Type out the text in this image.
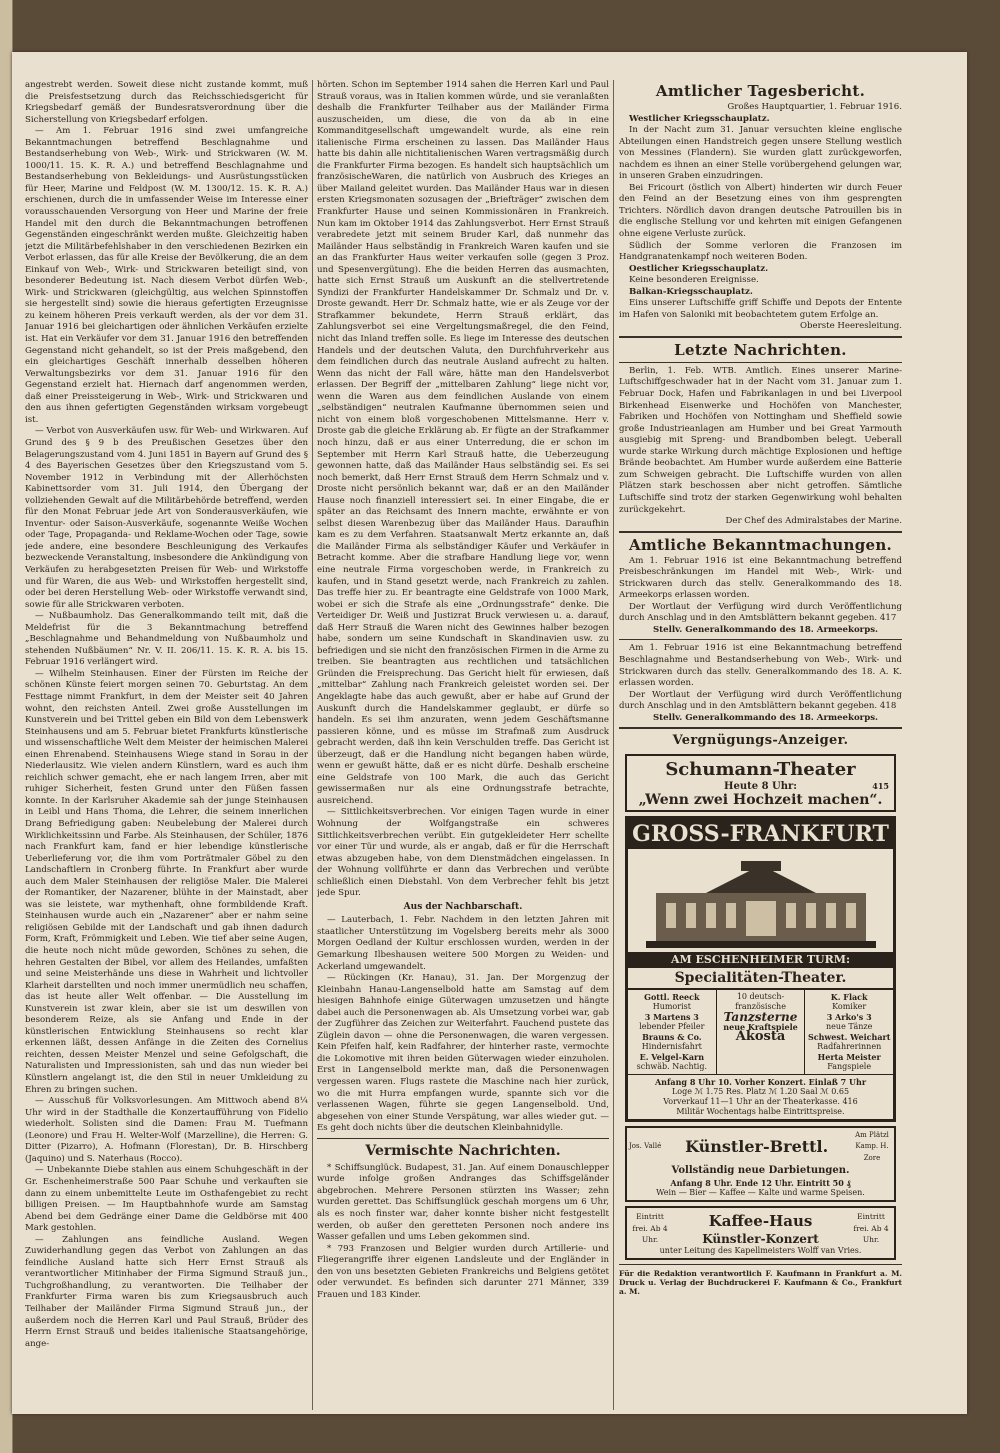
angestrebt werden. Soweit diese nicht zustande kommt, muß die Preisfestsetzung durch das Reichsschiedsgericht für Kriegsbedarf gemäß der Bundesratsverordnung über die Sicherstellung von Kriegsbedarf erfolgen.

— Am 1. Februar 1916 sind zwei umfangreiche Bekanntmachungen betreffend Beschlagnahme und Bestandserhebung von Web-, Wirk- und Strickwaren (W. M. 1000/11. 15. K. R. A.) und betreffend Beschlagnahme und Bestandserhebung von Bekleidungs- und Ausrüstungsstücken für Heer, Marine und Feldpost (W. M. 1300/12. 15. K. R. A.) erschienen, durch die in umfassender Weise im Interesse einer vorausschauenden Versorgung von Heer und Marine der freie Handel mit den durch die Bekanntmachungen betroffenen Gegenständen eingeschränkt werden mußte. Gleichzeitig haben jetzt die Militärbefehlshaber in den verschiedenen Bezirken ein Verbot erlassen, das für alle Kreise der Bevölkerung, die an dem Einkauf von Web-, Wirk- und Strickwaren beteiligt sind, von besonderer Bedeutung ist. Nach diesem Verbot dürfen Web-, Wirk- und Strickwaren (gleichgültig, aus welchen Spinnstoffen sie hergestellt sind) sowie die hieraus gefertigten Erzeugnisse zu keinem höheren Preis verkauft werden, als der vor dem 31. Januar 1916 bei gleichartigen oder ähnlichen Verkäufen erzielte ist. Hat ein Verkäufer vor dem 31. Januar 1916 den betreffenden Gegenstand nicht gehandelt, so ist der Preis maßgebend, den ein gleichartiges Geschäft innerhalb desselben höheren Verwaltungsbezirks vor dem 31. Januar 1916 für den Gegenstand erzielt hat. Hiernach darf angenommen werden, daß einer Preissteigerung in Web-, Wirk- und Strickwaren und den aus ihnen gefertigten Gegenständen wirksam vorgebeugt ist.

— Verbot von Ausverkäufen usw. für Web- und Wirkwaren. Auf Grund des § 9 b des Preußischen Gesetzes über den Belagerungszustand vom 4. Juni 1851 in Bayern auf Grund des § 4 des Bayerischen Gesetzes über den Kriegszustand vom 5. November 1912 in Verbindung mit der Allerhöchsten Kabinettsorder vom 31. Juli 1914, den Übergang der vollziehenden Gewalt auf die Militärbehörde betreffend, werden für den Monat Februar jede Art von Sonderausverkäufen, wie Inventur- oder Saison-Ausverkäufe, sogenannte Weiße Wochen oder Tage, Propaganda- und Reklame-Wochen oder Tage, sowie jede andere, eine besondere Beschleunigung des Verkaufes bezweckende Veranstaltung, insbesondere die Ankündigung von Verkäufen zu herabgesetzten Preisen für Web- und Wirkstoffe und für Waren, die aus Web- und Wirkstoffen hergestellt sind, oder bei deren Herstellung Web- oder Wirkstoffe verwandt sind, sowie für alle Strickwaren verboten.

— Nußbaumholz. Das Generalkommando teilt mit, daß die Meldefrist für die 3 Bekanntmachung betreffend „Beschlagnahme und Behandmeldung von Nußbaumholz und stehenden Nußbäumen“ Nr. V. II. 206/11. 15. K. R. A. bis 15. Februar 1916 verlängert wird.

— Wilhelm Steinhausen. Einer der Fürsten im Reiche der schönen Künste feiert morgen seinen 70. Geburtstag. An dem Festtage nimmt Frankfurt, in dem der Meister seit 40 Jahren wohnt, den reichsten Anteil. Zwei große Ausstellungen im Kunstverein und bei Trittel geben ein Bild von dem Lebenswerk Steinhausens und am 5. Februar bietet Frankfurts künstlerische und wissenschaftliche Welt dem Meister der heimischen Malerei einen Ehrenabend. Steinhausens Wiege stand in Sorau in der Niederlausitz. Wie vielen andern Künstlern, ward es auch ihm reichlich schwer gemacht, ehe er nach langem Irren, aber mit ruhiger Sicherheit, festen Grund unter den Füßen fassen konnte. In der Karlsruher Akademie sah der junge Steinhausen in Leibl und Hans Thoma, die Lehrer, die seinem innerlichen Drang Befriedigung gaben: Neubelebung der Malerei durch Wirklichkeitssinn und Farbe. Als Steinhausen, der Schüler, 1876 nach Frankfurt kam, fand er hier lebendige künstlerische Ueberlieferung vor, die ihm vom Porträtmaler Göbel zu den Landschaftlern in Cronberg führte. In Frankfurt aber wurde auch dem Maler Steinhausen der religiöse Maler. Die Malerei der Romantiker, der Nazarener, blühte in der Mainstadt, aber was sie leistete, war mythenhaft, ohne formbildende Kraft. Steinhausen wurde auch ein „Nazarener“ aber er nahm seine religiösen Gebilde mit der Landschaft und gab ihnen dadurch Form, Kraft, Frömmigkeit und Leben. Wie tief aber seine Augen, die heute noch nicht müde geworden, Schönes zu sehen, die hehren Gestalten der Bibel, vor allem des Heilandes, umfaßten und seine Meisterhände uns diese in Wahrheit und lichtvoller Klarheit darstellten und noch immer unermüdlich neu schaffen, das ist heute aller Welt offenbar. — Die Ausstellung im Kunstverein ist zwar klein, aber sie ist um deswillen von besonderem Reize, als sie Anfang und Ende in der künstlerischen Entwicklung Steinhausens so recht klar erkennen läßt, dessen Anfänge in die Zeiten des Cornelius reichten, dessen Meister Menzel und seine Gefolgschaft, die Naturalisten und Impressionisten, sah und das nun wieder bei Künstlern angelangt ist, die den Stil in neuer Umkleidung zu Ehren zu bringen suchen.

— Ausschuß für Volksvorlesungen. Am Mittwoch abend 8¼ Uhr wird in der Stadthalle die Konzertaufführung von Fidelio wiederholt. Solisten sind die Damen: Frau M. Tuefmann (Leonore) und Frau H. Welter-Wolf (Marzelline), die Herren: G. Ditter (Pizarro), A. Hofmann (Florestan), Dr. B. Hirschberg (Jaquino) und S. Naterhaus (Rocco).

— Unbekannte Diebe stahlen aus einem Schuhgeschäft in der Gr. Eschenheimerstraße 500 Paar Schuhe und verkauften sie dann zu einem unbemittelte Leute im Osthafengebiet zu recht billigen Preisen. — Im Hauptbahnhofe wurde am Samstag Abend bei dem Gedränge einer Dame die Geldbörse mit 400 Mark gestohlen.

— Zahlungen ans feindliche Ausland. Wegen Zuwiderhandlung gegen das Verbot von Zahlungen an das feindliche Ausland hatte sich Herr Ernst Strauß als verantwortlicher Mitinhaber der Firma Sigmund Strauß jun., Tuchgroßhandlung, zu verantworten. Die Teilhaber der Frankfurter Firma waren bis zum Kriegsausbruch auch Teilhaber der Mailänder Firma Sigmund Strauß jun., der außerdem noch die Herren Karl und Paul Strauß, Brüder des Herrn Ernst Strauß und beides italienische Staatsangehörige, ange-

hörten. Schon im September 1914 sahen die Herren Karl und Paul Strauß voraus, was in Italien kommen würde, und sie veranlaßten deshalb die Frankfurter Teilhaber aus der Mailänder Firma auszuscheiden, um diese, die von da ab in eine Kommanditgesellschaft umgewandelt wurde, als eine rein italienische Firma erscheinen zu lassen. Das Mailänder Haus hatte bis dahin alle nichtitalienischen Waren vertragsmäßig durch die Frankfurter Firma bezogen. Es handelt sich hauptsächlich um französischeWaren, die natürlich von Ausbruch des Krieges an über Mailand geleitet wurden. Das Mailänder Haus war in diesen ersten Kriegsmonaten sozusagen der „Briefträger“ zwischen dem Frankfurter Hause und seinen Kommissionären in Frankreich. Nun kam im Oktober 1914 das Zahlungsverbot. Herr Ernst Strauß verabredete jetzt mit seinem Bruder Karl, daß nunmehr das Mailänder Haus selbständig in Frankreich Waren kaufen und sie an das Frankfurter Haus weiter verkaufen solle (gegen 3 Proz. und Spesenvergütung). Ehe die beiden Herren das ausmachten, hatte sich Ernst Strauß um Auskunft an die stellvertretende Syndizi der Frankfurter Handelskammer Dr. Schmalz und Dr. v. Droste gewandt. Herr Dr. Schmalz hatte, wie er als Zeuge vor der Strafkammer bekundete, Herrn Strauß erklärt, das Zahlungsverbot sei eine Vergeltungsmaßregel, die den Feind, nicht das Inland treffen solle. Es liege im Interesse des deutschen Handels und der deutschen Valuta, den Durchfuhrverkehr aus dem feindlichen durch das neutrale Ausland aufrecht zu halten. Wenn das nicht der Fall wäre, hätte man den Handelsverbot erlassen. Der Begriff der „mittelbaren Zahlung“ liege nicht vor, wenn die Waren aus dem feindlichen Auslande von einem „selbständigen“ neutralen Kaufmanne übernommen seien und nicht von einem bloß vorgeschobenen Mittelsmanne. Herr v. Droste gab die gleiche Erklärung ab. Er fügte an der Strafkammer noch hinzu, daß er aus einer Unterredung, die er schon im September mit Herrn Karl Strauß hatte, die Ueberzeugung gewonnen hatte, daß das Mailänder Haus selbständig sei. Es sei noch bemerkt, daß Herr Ernst Strauß dem Herrn Schmalz und v. Droste nicht persönlich bekannt war, daß er an den Mailänder Hause noch finanziell interessiert sei. In einer Eingabe, die er später an das Reichsamt des Innern machte, erwähnte er von selbst diesen Warenbezug über das Mailänder Haus. Daraufhin kam es zu dem Verfahren. Staatsanwalt Mertz erkannte an, daß die Mailänder Firma als selbständiger Käufer und Verkäufer in Betracht komme. Aber die strafbare Handlung liege vor, wenn eine neutrale Firma vorgeschoben werde, in Frankreich zu kaufen, und in Stand gesetzt werde, nach Frankreich zu zahlen. Das treffe hier zu. Er beantragte eine Geldstrafe von 1000 Mark, wobei er sich die Strafe als eine „Ordnungsstrafe“ denke. Die Verteidiger Dr. Weiß und Justizrat Bruck verwiesen u. a. darauf, daß Herr Strauß die Waren nicht des Gewinnes halber bezogen habe, sondern um seine Kundschaft in Skandinavien usw. zu befriedigen und sie nicht den französischen Firmen in die Arme zu treiben. Sie beantragten aus rechtlichen und tatsächlichen Gründen die Freisprechung. Das Gericht hielt für erwiesen, daß „mittelbar“ Zahlung nach Frankreich geleistet worden sei. Der Angeklagte habe das auch gewußt, aber er habe auf Grund der Auskunft durch die Handelskammer geglaubt, er dürfe so handeln. Es sei ihm anzuraten, wenn jedem Geschäftsmanne passieren könne, und es müsse im Strafmaß zum Ausdruck gebracht werden, daß ihn kein Verschulden treffe. Das Gericht ist überzeugt, daß er die Handlung nicht begangen haben würde, wenn er gewußt hätte, daß er es nicht dürfe. Deshalb erscheine eine Geldstrafe von 100 Mark, die auch das Gericht gewissermaßen nur als eine Ordnungsstrafe betrachte, ausreichend.

— Sittlichkeitsverbrechen. Vor einigen Tagen wurde in einer Wohnung der Wolfgangstraße ein schweres Sittlichkeitsverbrechen verübt. Ein gutgekleideter Herr schellte vor einer Tür und wurde, als er angab, daß er für die Herrschaft etwas abzugeben habe, von dem Dienstmädchen eingelassen. In der Wohnung vollführte er dann das Verbrechen und verübte schließlich einen Diebstahl. Von dem Verbrecher fehlt bis jetzt jede Spur.

Aus der Nachbarschaft.

— Lauterbach, 1. Febr. Nachdem in den letzten Jahren mit staatlicher Unterstützung im Vogelsberg bereits mehr als 3000 Morgen Oedland der Kultur erschlossen wurden, werden in der Gemarkung Ilbeshausen weitere 500 Morgen zu Weiden- und Ackerland umgewandelt.

— Rückingen (Kr. Hanau), 31. Jan. Der Morgenzug der Kleinbahn Hanau-Langenselbold hatte am Samstag auf dem hiesigen Bahnhofe einige Güterwagen umzusetzen und hängte dabei auch die Personenwagen ab. Als Umsetzung vorbei war, gab der Zugführer das Zeichen zur Weiterfahrt. Fauchend pustete das Züglein davon — ohne die Personenwagen, die waren vergessen. Kein Pfeifen half, kein Radfahrer, der hinterher raste, vermochte die Lokomotive mit ihren beiden Güterwagen wieder einzuholen. Erst in Langenselbold merkte man, daß die Personenwagen vergessen waren. Flugs rastete die Maschine nach hier zurück, wo die mit Hurra empfangen wurde, spannte sich vor die verlassenen Wagen, führte sie gegen Langenselbold. Und, abgesehen von einer Stunde Verspätung, war alles wieder gut. — Es geht doch nichts über die deutschen Kleinbahnidylle.

Vermischte Nachrichten.

* Schiffsunglück. Budapest, 31. Jan. Auf einem Donauschlepper wurde infolge großen Andranges das Schiffsgeländer abgebrochen. Mehrere Personen stürzten ins Wasser; zehn wurden gerettet. Das Schiffsunglück geschah morgens um 6 Uhr, als es noch finster war, daher konnte bisher nicht festgestellt werden, ob außer den geretteten Personen noch andere ins Wasser gefallen und ums Leben gekommen sind.

* 793 Franzosen und Belgier wurden durch Artillerie- und Fliegerangriffe ihrer eigenen Landsleute und der Engländer in den von uns besetzten Gebieten Frankreichs und Belgiens getötet oder verwundet. Es befinden sich darunter 271 Männer, 339 Frauen und 183 Kinder.

Amtlicher Tagesbericht.

Großes Hauptquartier, 1. Februar 1916.

Westlicher Kriegsschauplatz.

In der Nacht zum 31. Januar versuchten kleine englische Abteilungen einen Handstreich gegen unsere Stellung westlich von Messines (Flandern). Sie wurden glatt zurückgeworfen, nachdem es ihnen an einer Stelle vorübergehend gelungen war, in unseren Graben einzudringen.

Bei Fricourt (östlich von Albert) hinderten wir durch Feuer den Feind an der Besetzung eines von ihm gesprengten Trichters. Nördlich davon drangen deutsche Patrouillen bis in die englische Stellung vor und kehrten mit einigen Gefangenen ohne eigene Verluste zurück.

Südlich der Somme verloren die Franzosen im Handgranatenkampf noch weiteren Boden.

Oestlicher Kriegsschauplatz.

Keine besonderen Ereignisse.

Balkan-Kriegsschauplatz.

Eins unserer Luftschiffe griff Schiffe und Depots der Entente im Hafen von Saloniki mit beobachtetem gutem Erfolge an.

Oberste Heeresleitung.

Letzte Nachrichten.

Berlin, 1. Feb. WTB. Amtlich. Eines unserer Marine-Luftschiffgeschwader hat in der Nacht vom 31. Januar zum 1. Februar Dock, Hafen und Fabrikanlagen in und bei Liverpool Birkenhead Eisenwerke und Hochöfen von Manchester, Fabriken und Hochöfen von Nottingham und Sheffield sowie große Industrieanlagen am Humber und bei Great Yarmouth ausgiebig mit Spreng- und Brandbomben belegt. Ueberall wurde starke Wirkung durch mächtige Explosionen und heftige Brände beobachtet. Am Humber wurde außerdem eine Batterie zum Schweigen gebracht. Die Luftschiffe wurden von allen Plätzen stark beschossen aber nicht getroffen. Sämtliche Luftschiffe sind trotz der starken Gegenwirkung wohl behalten zurückgekehrt.

Der Chef des Admiralstabes der Marine.

Amtliche Bekanntmachungen.

Am 1. Februar 1916 ist eine Bekanntmachung betreffend Preisbeschränkungen im Handel mit Web-, Wirk- und Strickwaren durch das stellv. Generalkommando des 18. Armeekorps erlassen worden.

Der Wortlaut der Verfügung wird durch Veröffentlichung durch Anschlag und in den Amtsblättern bekannt gegeben. 417

Stellv. Generalkommando des 18. Armeekorps.

Am 1. Februar 1916 ist eine Bekanntmachung betreffend Beschlagnahme und Bestandserhebung von Web-, Wirk- und Strickwaren durch das stellv. Generalkommando des 18. A. K. erlassen worden.

Der Wortlaut der Verfügung wird durch Veröffentlichung durch Anschlag und in den Amtsblättern bekannt gegeben. 418

Stellv. Generalkommando des 18. Armeekorps.

Vergnügungs-Anzeiger.
Schumann-Theater
Heute 8 Uhr:	415
„Wenn zwei Hochzeit machen“.
GROSS-FRANKFURT
AM ESCHENHEIMER TURM:
Specialitäten-Theater.
Gottl. Reeck
Humorist
3 Martens 3
lebender Pfeiler
Brauns & Co.
Hindernisfahrt
E. Velgel-Karn
schwäb. Nachtig.
10 deutsch-französische
Tanzsterne
neue Kraftspiele
Akosta
K. Flack
Komiker
3 Arko's 3
neue Tänze
Schwest. Weichart
Radfahrerinnen
Herta Meister
Fangspiele
Anfang 8 Uhr 10. Vorher Konzert. Einlaß 7 Uhr
Loge ℳ 1.75 Res. Platz ℳ 1.20 Saal ℳ 0.65
Vorverkauf 11—1 Uhr an der Theaterkasse. 416
Militär Wochentags halbe Eintrittspreise.
Jos. Vallé Künstler-Brettl.
Am Plätzl Kamp. H. Zore
Vollständig neue Darbietungen.
Anfang 8 Uhr. Ende 12 Uhr. Eintritt 50 ₰
Wein — Bier — Kaffee — Kalte und warme Speisen.
Eintritt frei. Ab 4 Uhr.
Kaffee-Haus
Künstler-Konzert
Eintritt frei. Ab 4 Uhr.
unter Leitung des Kapellmeisters Wolff van Vries.
Für die Redaktion verantwortlich F. Kaufmann in Frankfurt a. M. Druck u. Verlag der Buchdruckerei F. Kaufmann & Co., Frankfurt a. M.
